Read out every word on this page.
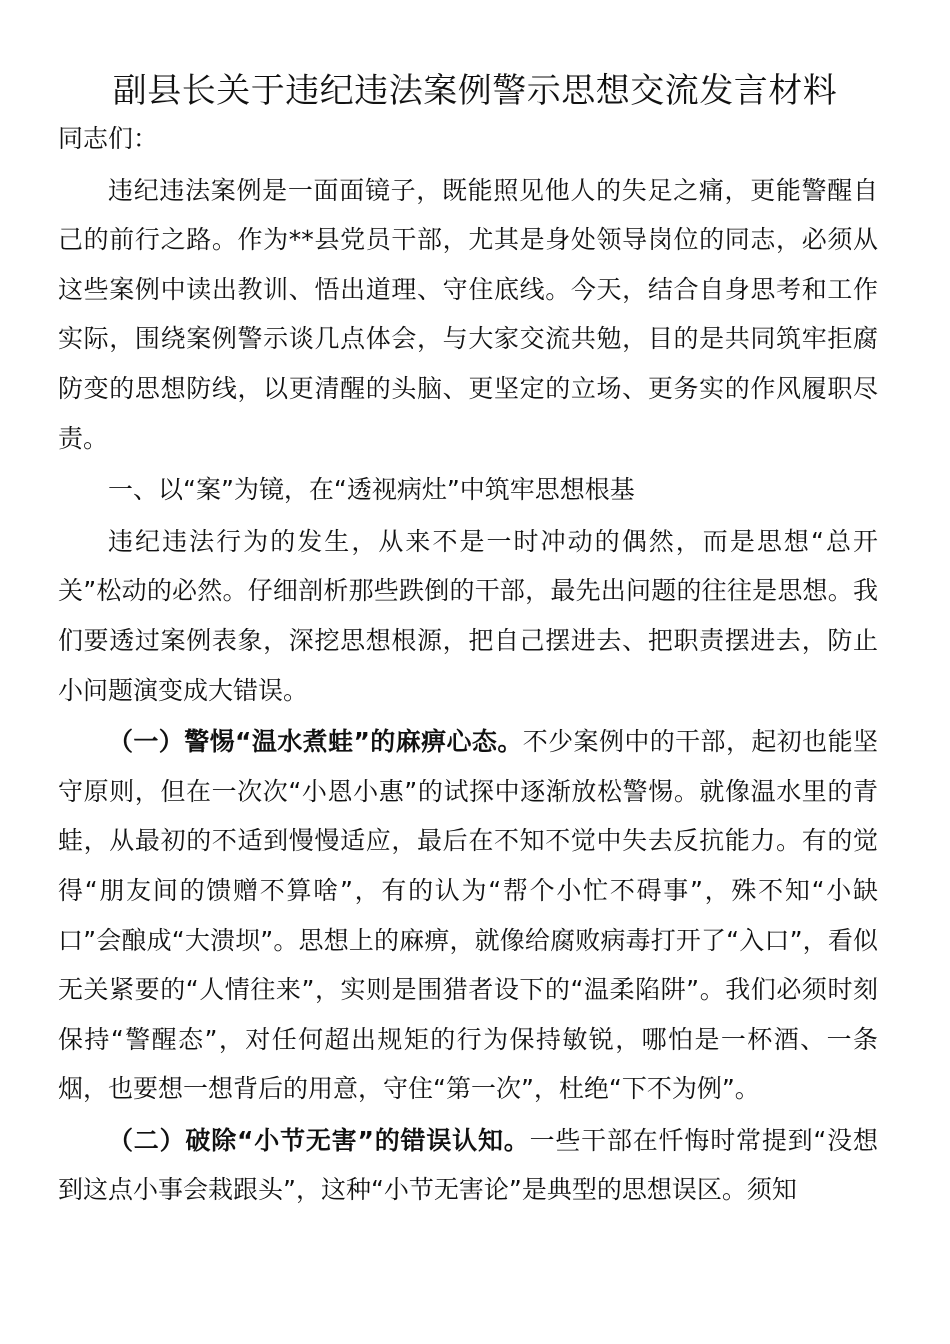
副县长关于违纪违法案例警示思想交流发言材料

同志们：

违纪违法案例是一面面镜子，既能照见他人的失足之痛，更能警醒自己的前行之路。作为**县党员干部，尤其是身处领导岗位的同志，必须从这些案例中读出教训、悟出道理、守住底线。今天，结合自身思考和工作实际，围绕案例警示谈几点体会，与大家交流共勉，目的是共同筑牢拒腐防变的思想防线，以更清醒的头脑、更坚定的立场、更务实的作风履职尽责。

一、以“案”为镜，在“透视病灶”中筑牢思想根基

违纪违法行为的发生，从来不是一时冲动的偶然，而是思想“总开关”松动的必然。仔细剖析那些跌倒的干部，最先出问题的往往是思想。我们要透过案例表象，深挖思想根源，把自己摆进去、把职责摆进去，防止小问题演变成大错误。

（一）警惕“温水煮蛙”的麻痹心态。不少案例中的干部，起初也能坚守原则，但在一次次“小恩小惠”的试探中逐渐放松警惕。就像温水里的青蛙，从最初的不适到慢慢适应，最后在不知不觉中失去反抗能力。有的觉得“朋友间的馈赠不算啥”，有的认为“帮个小忙不碍事”，殊不知“小缺口”会酿成“大溃坝”。思想上的麻痹，就像给腐败病毒打开了“入口”，看似无关紧要的“人情往来”，实则是围猎者设下的“温柔陷阱”。我们必须时刻保持“警醒态”，对任何超出规矩的行为保持敏锐，哪怕是一杯酒、一条烟，也要想一想背后的用意，守住“第一次”，杜绝“下不为例”。

（二）破除“小节无害”的错误认知。一些干部在忏悔时常提到“没想到这点小事会栽跟头”，这种“小节无害论”是典型的思想误区。须知
